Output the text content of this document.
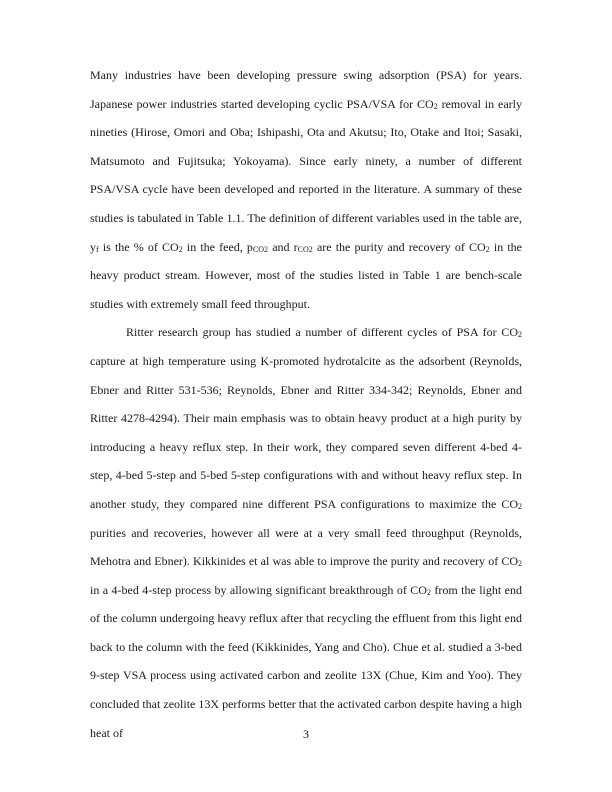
Many industries have been developing pressure swing adsorption (PSA) for years. Japanese power industries started developing cyclic PSA/VSA for CO2 removal in early nineties (Hirose, Omori and Oba; Ishipashi, Ota and Akutsu; Ito, Otake and Itoi; Sasaki, Matsumoto and Fujitsuka; Yokoyama). Since early ninety, a number of different PSA/VSA cycle have been developed and reported in the literature. A summary of these studies is tabulated in Table 1.1. The definition of different variables used in the table are, yf is the % of CO2 in the feed, pCO2 and rCO2 are the purity and recovery of CO2 in the heavy product stream. However, most of the studies listed in Table 1 are bench-scale studies with extremely small feed throughput.

Ritter research group has studied a number of different cycles of PSA for CO2 capture at high temperature using K-promoted hydrotalcite as the adsorbent (Reynolds, Ebner and Ritter 531-536; Reynolds, Ebner and Ritter 334-342; Reynolds, Ebner and Ritter 4278-4294). Their main emphasis was to obtain heavy product at a high purity by introducing a heavy reflux step. In their work, they compared seven different 4-bed 4-step, 4-bed 5-step and 5-bed 5-step configurations with and without heavy reflux step. In another study, they compared nine different PSA configurations to maximize the CO2 purities and recoveries, however all were at a very small feed throughput (Reynolds, Mehotra and Ebner). Kikkinides et al was able to improve the purity and recovery of CO2 in a 4-bed 4-step process by allowing significant breakthrough of CO2 from the light end of the column undergoing heavy reflux after that recycling the effluent from this light end back to the column with the feed (Kikkinides, Yang and Cho). Chue et al. studied a 3-bed 9-step VSA process using activated carbon and zeolite 13X (Chue, Kim and Yoo). They concluded that zeolite 13X performs better that the activated carbon despite having a high heat of	3
